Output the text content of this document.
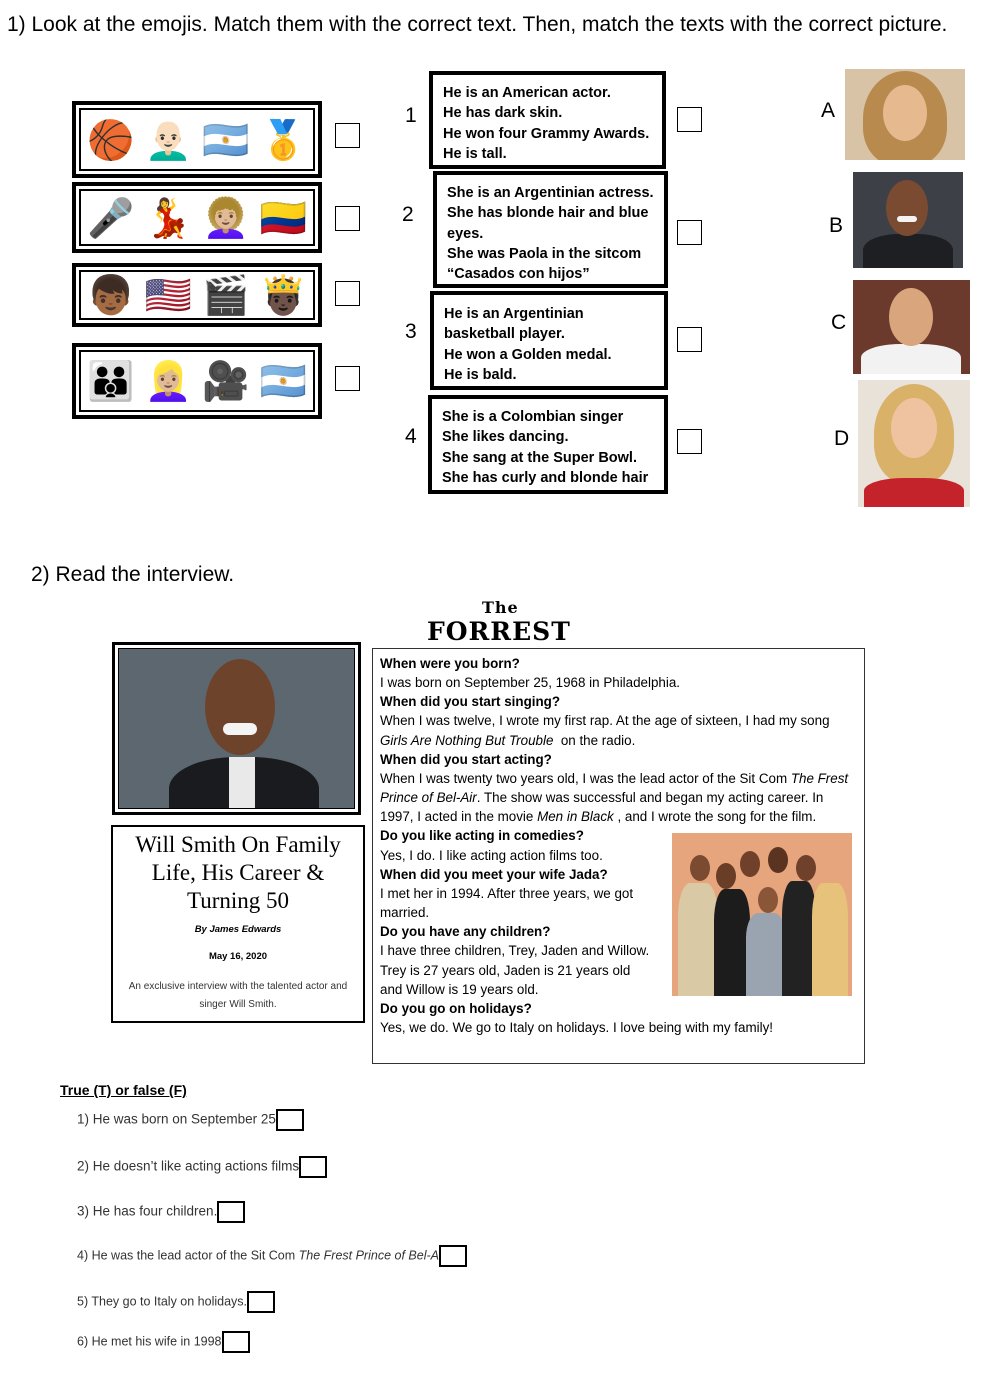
1) Look at the emojis. Match them with the correct text. Then, match the texts with the correct picture.
🏀 👨🏻‍🦲 🇦🇷 🥇
🎤 💃 👩🏼‍🦱 🇨🇴
👦🏾 🇺🇸 🎬 🤴🏿
👪 👱🏼‍♀️ 🎥 🇦🇷
1
2
3
4
He is an American actor.
He has dark skin.
He won four Grammy Awards.
He is tall.
She is an Argentinian actress.
She has blonde hair and blue
eyes.
She was Paola in the sitcom
“Casados con hijos”
He is an Argentinian
basketball player.
He won a Golden medal.
He is bald.
She is a Colombian singer
She likes dancing.
She sang at the Super Bowl.
She has curly and blonde hair
A
B
C
D
2) Read the interview.
The
FORREST
Will Smith On Family Life, His Career & Turning 50
By James Edwards
May 16, 2020
An exclusive interview with the talented actor and singer Will Smith.
When were you born?
I was born on September 25, 1968 in Philadelphia.
When did you start singing?
When I was twelve, I wrote my first rap. At the age of sixteen, I had my song Girls Are Nothing But Trouble  on the radio.
When did you start acting?
When I was twenty two years old, I was the lead actor of the Sit Com The Frest Prince of Bel-Air. The show was successful and began my acting career. In 1997, I acted in the movie Men in Black , and I wrote the song for the film.
Do you like acting in comedies?
Yes, I do. I like acting action films too.
When did you meet your wife Jada?
I met her in 1994. After three years, we got married.
Do you have any children?
I have three children, Trey, Jaden and Willow. Trey is 27 years old, Jaden is 21 years old and Willow is 19 years old.
Do you go on holidays?
Yes, we do. We go to Italy on holidays. I love being with my family!
True (T) or false (F)
1) He was born on September 25
2) He doesn’t like acting actions films
3) He has four children.
4) He was the lead actor of the Sit Com The Frest Prince of Bel-A
5) They go to Italy on holidays.
6) He met his wife in 1998
